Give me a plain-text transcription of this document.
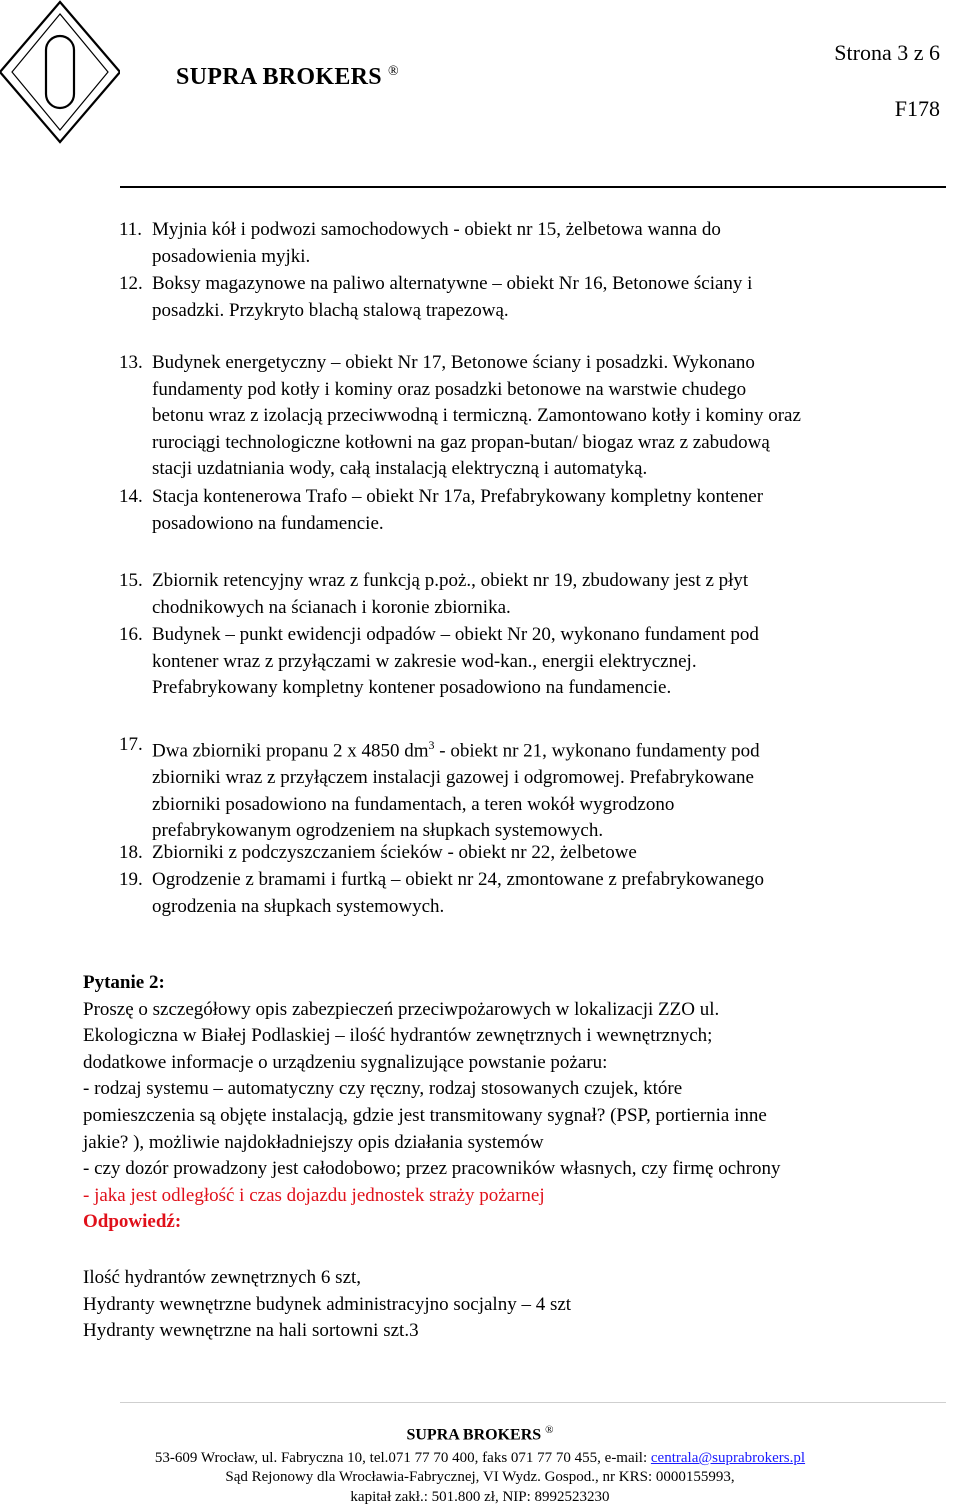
SUPRA BROKERS ®
Strona 3 z 6
F178
11. Myjnia kół i podwozi samochodowych - obiekt nr 15, żelbetowa wanna do
posadowienia myjki.
12. Boksy magazynowe na paliwo alternatywne – obiekt Nr 16, Betonowe ściany i
posadzki. Przykryto blachą stalową trapezową.
13. Budynek energetyczny – obiekt Nr 17, Betonowe ściany i posadzki. Wykonano
fundamenty pod kotły i kominy oraz posadzki betonowe na warstwie chudego
betonu wraz z izolacją przeciwwodną i termiczną. Zamontowano kotły i kominy oraz
rurociągi technologiczne kotłowni na gaz propan-butan/ biogaz wraz z zabudową
stacji uzdatniania wody, całą instalacją elektryczną i automatyką.
14. Stacja kontenerowa Trafo – obiekt Nr 17a, Prefabrykowany kompletny kontener
posadowiono na fundamencie.
15. Zbiornik retencyjny wraz z funkcją p.poż., obiekt nr 19, zbudowany jest z płyt
chodnikowych na ścianach i koronie zbiornika.
16. Budynek – punkt ewidencji odpadów – obiekt Nr 20, wykonano fundament pod
kontener wraz z przyłączami w zakresie wod-kan., energii elektrycznej.
Prefabrykowany kompletny kontener posadowiono na fundamencie.
17. Dwa zbiorniki propanu 2 x 4850 $dm^3$ - obiekt nr 21, wykonano fundamenty pod
zbiorniki wraz z przyłączem instalacji gazowej i odgromowej. Prefabrykowane
zbiorniki posadowiono na fundamentach, a teren wokół wygrodzono
prefabrykowanym ogrodzeniem na słupkach systemowych.
18. Zbiorniki z podczyszczaniem ścieków - obiekt nr 22, żelbetowe
19. Ogrodzenie z bramami i furtką – obiekt nr 24, zmontowane z prefabrykowanego
ogrodzenia na słupkach systemowych.
Pytanie 2:
Proszę o szczegółowy opis zabezpieczeń przeciwpożarowych w lokalizacji ZZO ul.
Ekologiczna w Białej Podlaskiej – ilość hydrantów zewnętrznych i wewnętrznych;
dodatkowe informacje o urządzeniu sygnalizujące powstanie pożaru:
- rodzaj systemu – automatyczny czy ręczny, rodzaj stosowanych czujek, które
pomieszczenia są objęte instalacją, gdzie jest transmitowany sygnał? (PSP, portiernia inne
jakie? ), możliwie najdokładniejszy opis działania systemów
- czy dozór prowadzony jest całodobowo; przez pracowników własnych, czy firmę ochrony
- jaka jest odległość i czas dojazdu jednostek straży pożarnej
Odpowiedź:
Ilość hydrantów zewnętrznych 6 szt,
Hydranty wewnętrzne budynek administracyjno socjalny – 4 szt
Hydranty wewnętrzne na hali sortowni szt.3
SUPRA BROKERS ®
53-609 Wrocław, ul. Fabryczna 10, tel.071 77 70 400, faks 071 77 70 455, e-mail: centrala@suprabrokers.pl
Sąd Rejonowy dla Wrocławia-Fabrycznej, VI Wydz. Gospod., nr KRS: 0000155993,
kapitał zakł.: 501.800 zł, NIP: 8992523230
